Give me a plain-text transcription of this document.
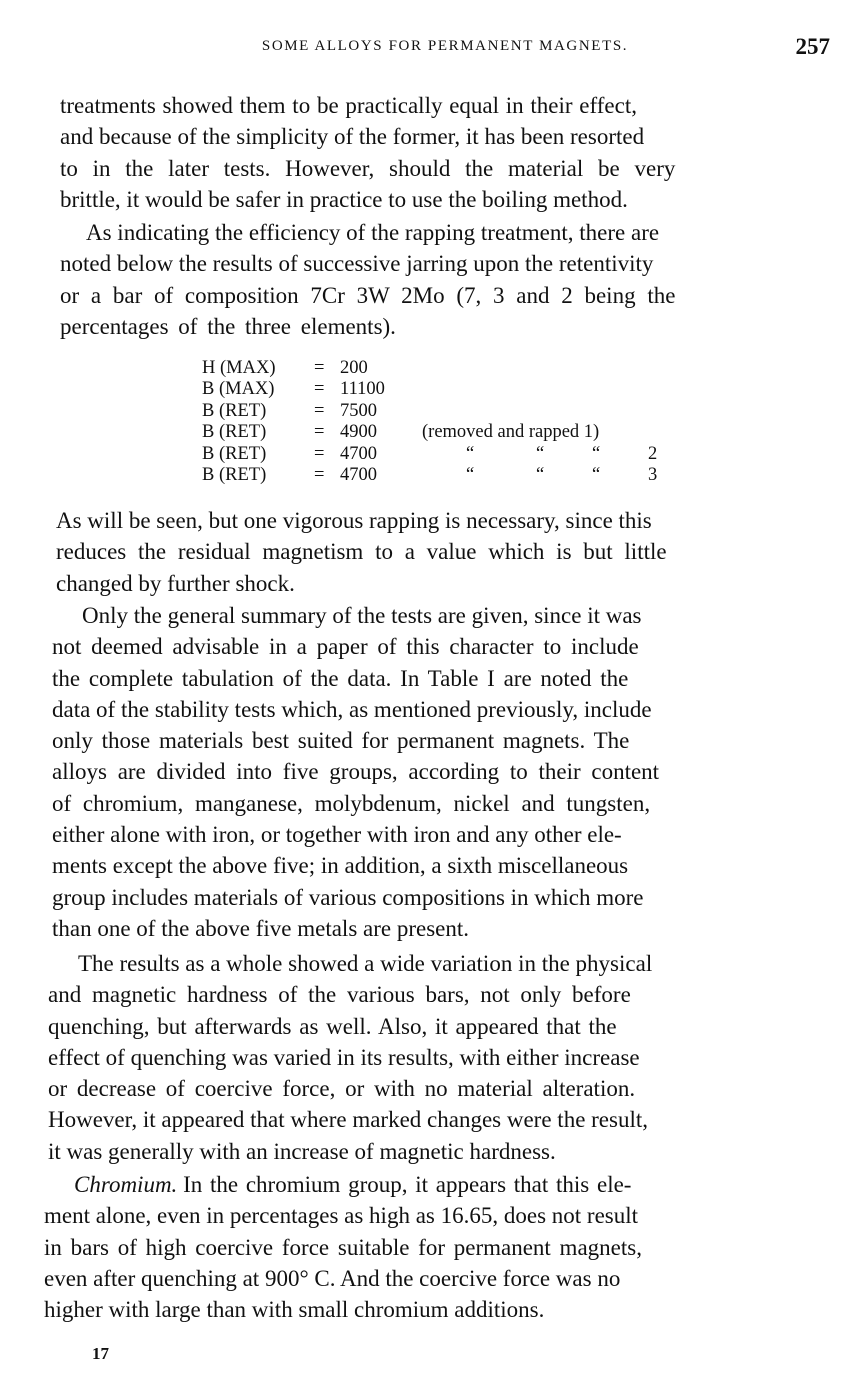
SOME ALLOYS FOR PERMANENT MAGNETS.	257
treatments showed them to be practically equal in their effect,
and because of the simplicity of the former, it has been resorted
to in the later tests. However, should the material be very
brittle, it would be safer in practice to use the boiling method.
As indicating the efficiency of the rapping treatment, there are
noted below the results of successive jarring upon the retentivity
or a bar of composition 7Cr 3W 2Mo (7, 3 and 2 being the
percentages of the three elements).
H (MAX) = 200
B (MAX) = 11100
B (RET)	= 7500
B (RET)	= 4900 (removed and rapped 1)
B (RET)	= 4700	“	“	“	2
B (RET)	= 4700	“	“	“	3
As will be seen, but one vigorous rapping is necessary, since this
reduces the residual magnetism to a value which is but little
changed by further shock.
Only the general summary of the tests are given, since it was
not deemed advisable in a paper of this character to include
the complete tabulation of the data. In Table I are noted the
data of the stability tests which, as mentioned previously, include
only those materials best suited for permanent magnets. The
alloys are divided into five groups, according to their content
of chromium, manganese, molybdenum, nickel and tungsten,
either alone with iron, or together with iron and any other ele-
ments except the above five; in addition, a sixth miscellaneous
group includes materials of various compositions in which more
than one of the above five metals are present.
The results as a whole showed a wide variation in the physical
and magnetic hardness of the various bars, not only before
quenching, but afterwards as well. Also, it appeared that the
effect of quenching was varied in its results, with either increase
or decrease of coercive force, or with no material alteration.
However, it appeared that where marked changes were the result,
it was generally with an increase of magnetic hardness.
Chromium. In the chromium group, it appears that this ele-
ment alone, even in percentages as high as 16.65, does not result
in bars of high coercive force suitable for permanent magnets,
even after quenching at 900° C. And the coercive force was no
higher with large than with small chromium additions.
17
